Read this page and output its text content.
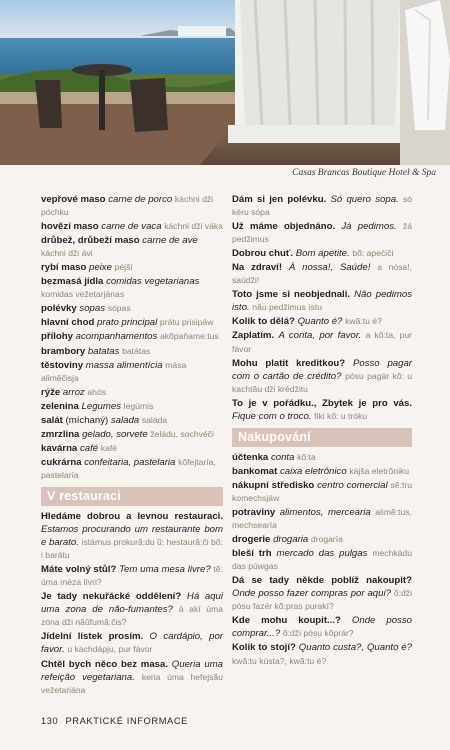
Casas Brancas Boutique Hotel & Spa
vepřové maso carne de porco káchni dži póchku
hovězí maso carne de vaca káchni dži váka
drůbež, drůbeží maso carne de ave káchni dži ávi
rybí maso peixe péjši
bezmasá jídla comidas vegetarianas komidas vežetarjánas
polévky sopas sópas
hlavní chod prato principal prátu prisipáw
přílohy acompanhamentos akõpaňame:tus
brambory batatas batátas
těstoviny massa alimentícia mása aliměčisja
rýže arroz ahós
zelenina Legumes legúmis
salát (míchaný) salada saláda
zmrzlina gelado, sorvete želádu, sochvéči
kavárna café kafé
cukrárna confeitaria, pastelaria kõfejtaría, pastelaría
V restauraci
Hledáme dobrou a levnou restauraci. Estamos procurando um restaurante bom e barato. istámus prokurã:du ũ: hestaurã:či bõ: i barátu
Máte volný stůl? Tem uma mesa livre? tẽ: úma méza lívri?
Je tady nekuřácké oddělení? Há aqui uma zona de não-fumantes? á akí úma zóna dži nãŭfumã:čis?
Jídelní lístek prosím. O cardápio, por favor. u kachdápju, pur fávor
Chtěl bych něco bez masa. Queria uma refeição vegetariana. keria úma hefejsãu vežetariána
Dám si jen polévku. Só quero sopa. só kéru sópa
Už máme objednáno. Já pedimos. žá pedžimus
Dobrou chuť. Bom apetite. bõ: apečiči
Na zdraví! À nossa!, Saúde! a nósa!, saúdži!
Toto jsme si neobjednali. Não pedimos isto. nău pedžimus ístu
Kolik to dělá? Quanto é? kwã:tu é?
Zaplatím. A conta, por favor. a kõ:ta, pur fávor
Mohu platit kreditkou? Posso pagar com o cartão de crédito? pósu pagár kõ: u kachtău dži krédžitu
To je v pořádku., Zbytek je pro vás. Fique com o troco. fiki kõ: u tróku
Nakupování
účtenka conta kõ:ta
bankomat caixa eletrônico kájša eletrõniku
nákupní středisko centro comercial sẽ:tru komechsjáw
potraviny alimentos, mercearia alimẽ:tus, mechsearía
drogerie drogaria drogaría
bleší trh mercado das pulgas mechkádu das púwgas
Dá se tady někde poblíž nakoupit? Onde posso fazer compras por aqui? õ:dži pósu fazér kõ:pras purakí?
Kde mohu koupit...? Onde posso comprar...? õ:dži pósu kõprár?
Kolik to stojí? Quanto custa?, Quanto é? kwã:tu kústa?, kwã:tu é?
130 PRAKTICKÉ INFORMACE
